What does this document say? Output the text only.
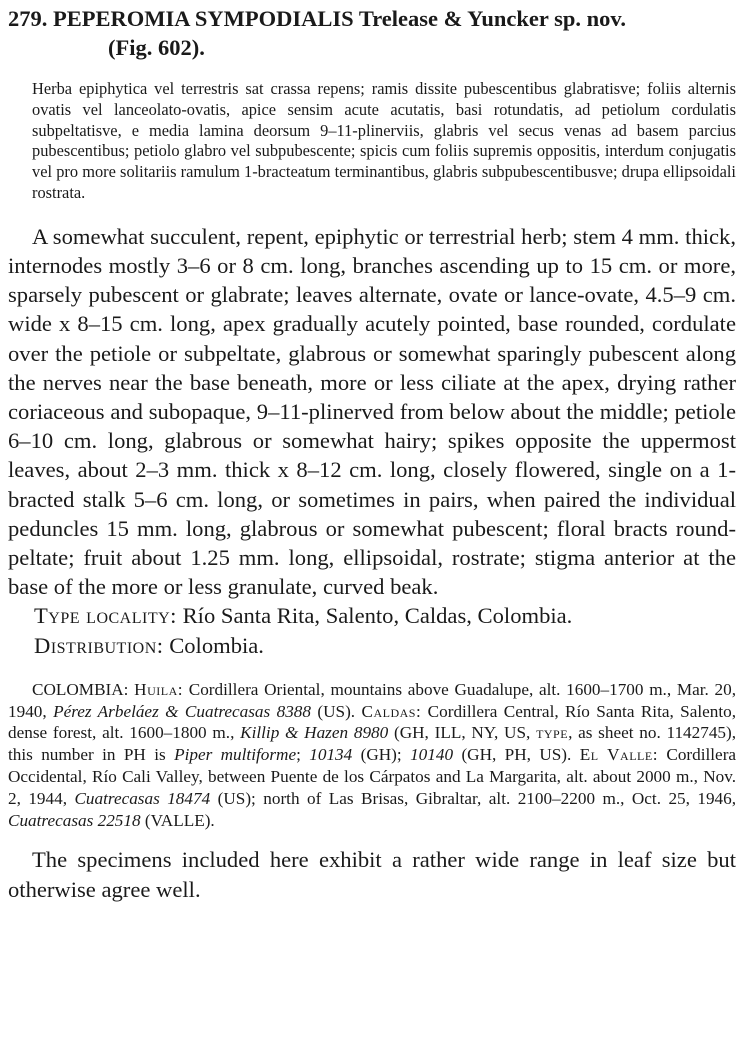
279. PEPEROMIA SYMPODIALIS Trelease & Yuncker sp. nov.
(Fig. 602).

Herba epiphytica vel terrestris sat crassa repens; ramis dissite pubescentibus glabratisve; foliis alternis ovatis vel lanceolato-ovatis, apice sensim acute acutatis, basi rotundatis, ad petiolum cordulatis subpeltatisve, e media lamina deorsum 9–11-plinerviis, glabris vel secus venas ad basem parcius pubescentibus; petiolo glabro vel subpubescente; spicis cum foliis supremis oppositis, interdum conjugatis vel pro more solitariis ramulum 1-bracteatum terminantibus, glabris subpubescentibusve; drupa ellipsoidali rostrata.

A somewhat succulent, repent, epiphytic or terrestrial herb; stem 4 mm. thick, internodes mostly 3–6 or 8 cm. long, branches ascending up to 15 cm. or more, sparsely pubescent or glabrate; leaves alternate, ovate or lance-ovate, 4.5–9 cm. wide x 8–15 cm. long, apex gradually acutely pointed, base rounded, cordulate over the petiole or subpeltate, glabrous or somewhat sparingly pubescent along the nerves near the base beneath, more or less ciliate at the apex, drying rather coriaceous and subopaque, 9–11-plinerved from below about the middle; petiole 6–10 cm. long, glabrous or somewhat hairy; spikes opposite the uppermost leaves, about 2–3 mm. thick x 8–12 cm. long, closely flowered, single on a 1-bracted stalk 5–6 cm. long, or sometimes in pairs, when paired the individual peduncles 15 mm. long, glabrous or somewhat pubescent; floral bracts round-peltate; fruit about 1.25 mm. long, ellipsoidal, rostrate; stigma anterior at the base of the more or less granulate, curved beak.

Type locality: Río Santa Rita, Salento, Caldas, Colombia.

Distribution: Colombia.

COLOMBIA: Huila: Cordillera Oriental, mountains above Guadalupe, alt. 1600–1700 m., Mar. 20, 1940, Pérez Arbeláez & Cuatrecasas 8388 (US). Caldas: Cordillera Central, Río Santa Rita, Salento, dense forest, alt. 1600–1800 m., Killip & Hazen 8980 (GH, ILL, NY, US, type, as sheet no. 1142745), this number in PH is Piper multiforme; 10134 (GH); 10140 (GH, PH, US). El Valle: Cordillera Occidental, Río Cali Valley, between Puente de los Cárpatos and La Margarita, alt. about 2000 m., Nov. 2, 1944, Cuatrecasas 18474 (US); north of Las Brisas, Gibraltar, alt. 2100–2200 m., Oct. 25, 1946, Cuatrecasas 22518 (VALLE).

The specimens included here exhibit a rather wide range in leaf size but otherwise agree well.
